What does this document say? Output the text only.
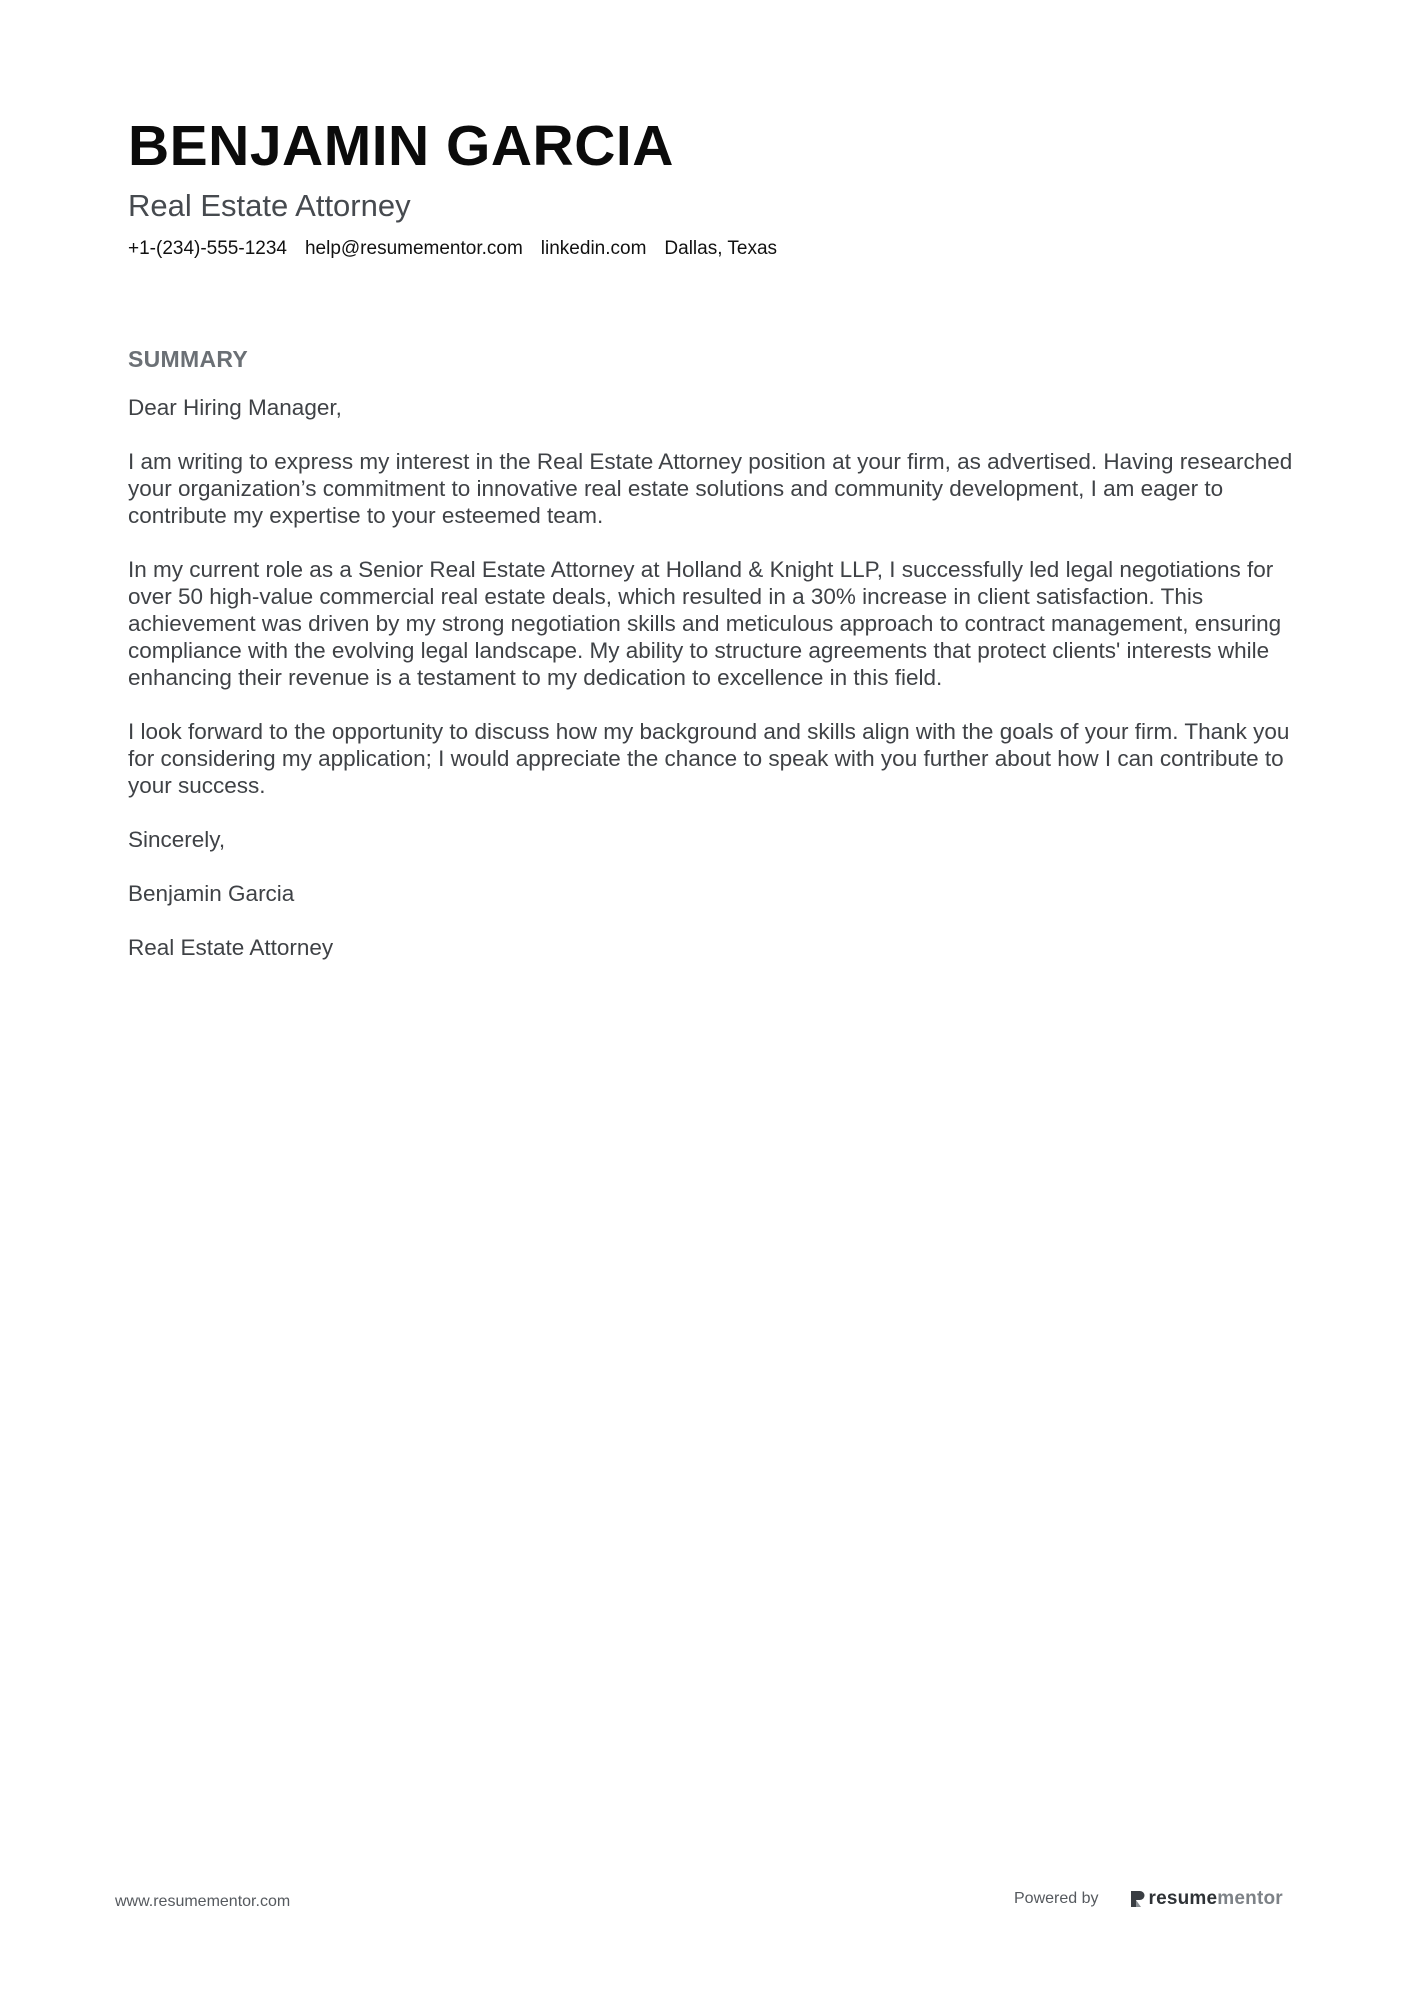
BENJAMIN GARCIA
Real Estate Attorney
+1-(234)-555-1234 help@resumementor.com linkedin.com Dallas, Texas
SUMMARY

Dear Hiring Manager,

I am writing to express my interest in the Real Estate Attorney position at your firm, as advertised. Having researched your organization’s commitment to innovative real estate solutions and community development, I am eager to contribute my expertise to your esteemed team.

In my current role as a Senior Real Estate Attorney at Holland & Knight LLP, I successfully led legal negotiations for over 50 high-value commercial real estate deals, which resulted in a 30% increase in client satisfaction. This achievement was driven by my strong negotiation skills and meticulous approach to contract management, ensuring compliance with the evolving legal landscape. My ability to structure agreements that protect clients' interests while enhancing their revenue is a testament to my dedication to excellence in this field.

I look forward to the opportunity to discuss how my background and skills align with the goals of your firm. Thank you for considering my application; I would appreciate the chance to speak with you further about how I can contribute to your success.

Sincerely,

Benjamin Garcia

Real Estate Attorney

www.resumementor.com	Powered by	resume mentor
